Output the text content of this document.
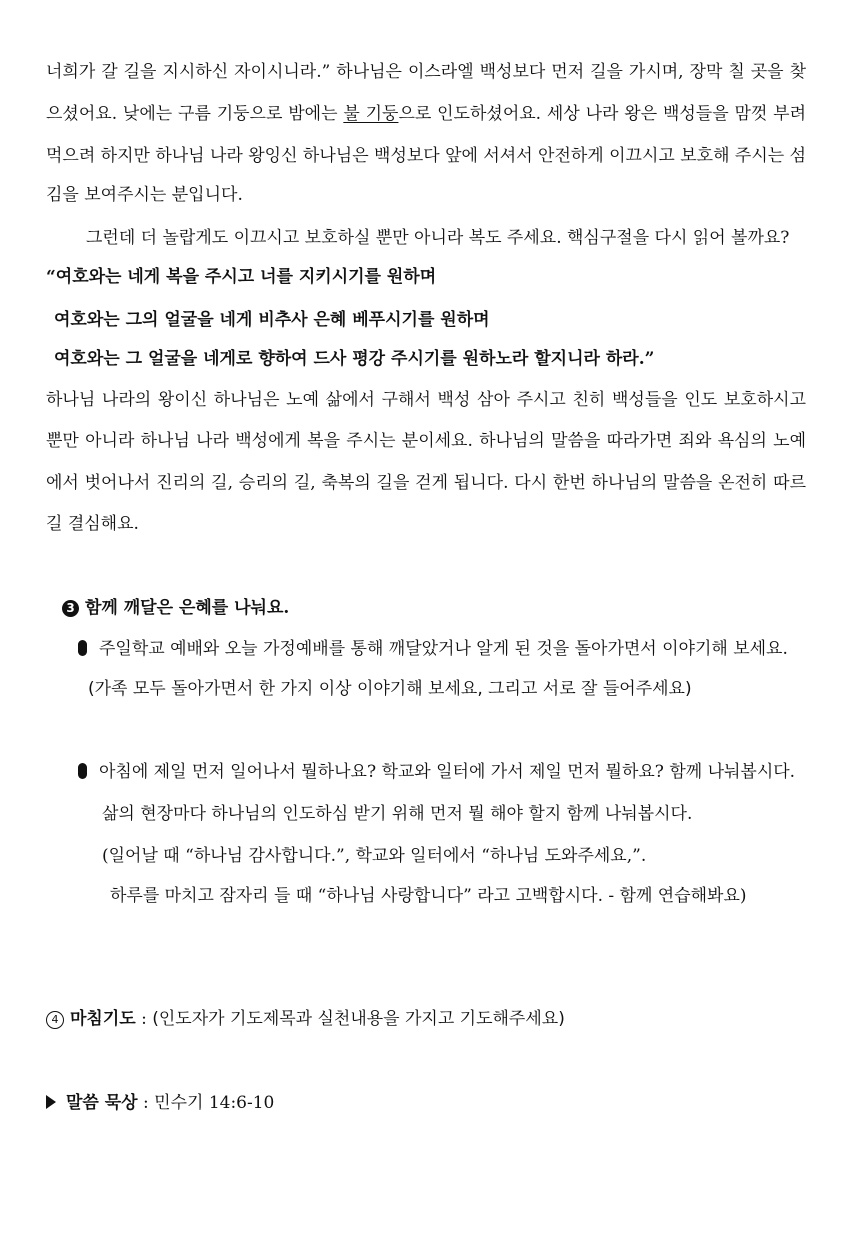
너희가 갈 길을 지시하신 자이시니라.” 하나님은 이스라엘 백성보다 먼저 길을 가시며, 장막 칠 곳을 찾
으셨어요. 낮에는 구름 기둥으로 밤에는 불 기둥으로 인도하셨어요. 세상 나라 왕은 백성들을 맘껏 부려
먹으려 하지만 하나님 나라 왕잉신 하나님은 백성보다 앞에 서셔서 안전하게 이끄시고 보호해 주시는 섬
김을 보여주시는 분입니다.
그런데 더 놀랍게도 이끄시고 보호하실 뿐만 아니라 복도 주세요. 핵심구절을 다시 읽어 볼까요?
“여호와는 네게 복을 주시고 너를 지키시기를 원하며
여호와는 그의 얼굴을 네게 비추사 은혜 베푸시기를 원하며
여호와는 그 얼굴을 네게로 향하여 드사 평강 주시기를 원하노라 할지니라 하라.”
하나님 나라의 왕이신 하나님은 노예 삶에서 구해서 백성 삼아 주시고 친히 백성들을 인도 보호하시고
뿐만 아니라 하나님 나라 백성에게 복을 주시는 분이세요. 하나님의 말씀을 따라가면 죄와 욕심의 노예
에서 벗어나서 진리의 길, 승리의 길, 축복의 길을 걷게 됩니다. 다시 한번 하나님의 말씀을 온전히 따르
길 결심해요.
3 함께 깨달은 은혜를 나눠요.
주일학교 예배와 오늘 가정예배를 통해 깨달았거나 알게 된 것을 돌아가면서 이야기해 보세요.
(가족 모두 돌아가면서 한 가지 이상 이야기해 보세요, 그리고 서로 잘 들어주세요)
아침에 제일 먼저 일어나서 뭘하나요? 학교와 일터에 가서 제일 먼저 뭘하요? 함께 나눠봅시다.
삶의 현장마다 하나님의 인도하심 받기 위해 먼저 뭘 해야 할지 함께 나눠봅시다.
(일어날 때 “하나님 감사합니다.”, 학교와 일터에서 “하나님 도와주세요,”.
하루를 마치고 잠자리 들 때 “하나님 사랑합니다” 라고 고백합시다. - 함께 연습해봐요)
4 마침기도 : (인도자가 기도제목과 실천내용을 가지고 기도해주세요)
말씀 묵상 : 민수기 14:6-10
